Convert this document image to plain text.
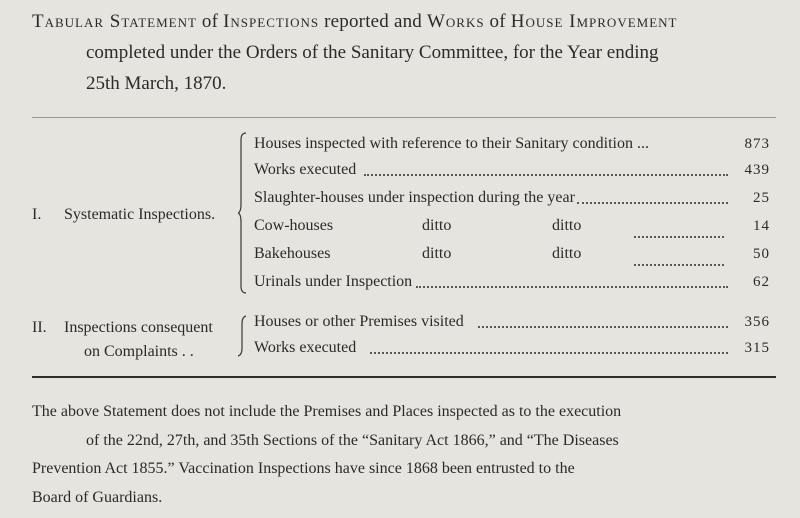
Tabular Statement of Inspections reported and Works of House Improvement
completed under the Orders of the Sanitary Committee, for the Year ending
25th March, 1870.
I. Systematic Inspections.
Houses inspected with reference to their Sanitary condition ...	873
Works executed	439
Slaughter-houses under inspection during the year	25
Cow-houses	ditto	ditto	14
Bakehouses	ditto	ditto	50
Urinals under Inspection	62
II. Inspections consequent
on Complaints . .
Houses or other Premises visited	356
Works executed	315
The above Statement does not include the Premises and Places inspected as to the execution
of the 22nd, 27th, and 35th Sections of the “Sanitary Act 1866,” and “The Diseases
Prevention Act 1855.” Vaccination Inspections have since 1868 been entrusted to the
Board of Guardians.
